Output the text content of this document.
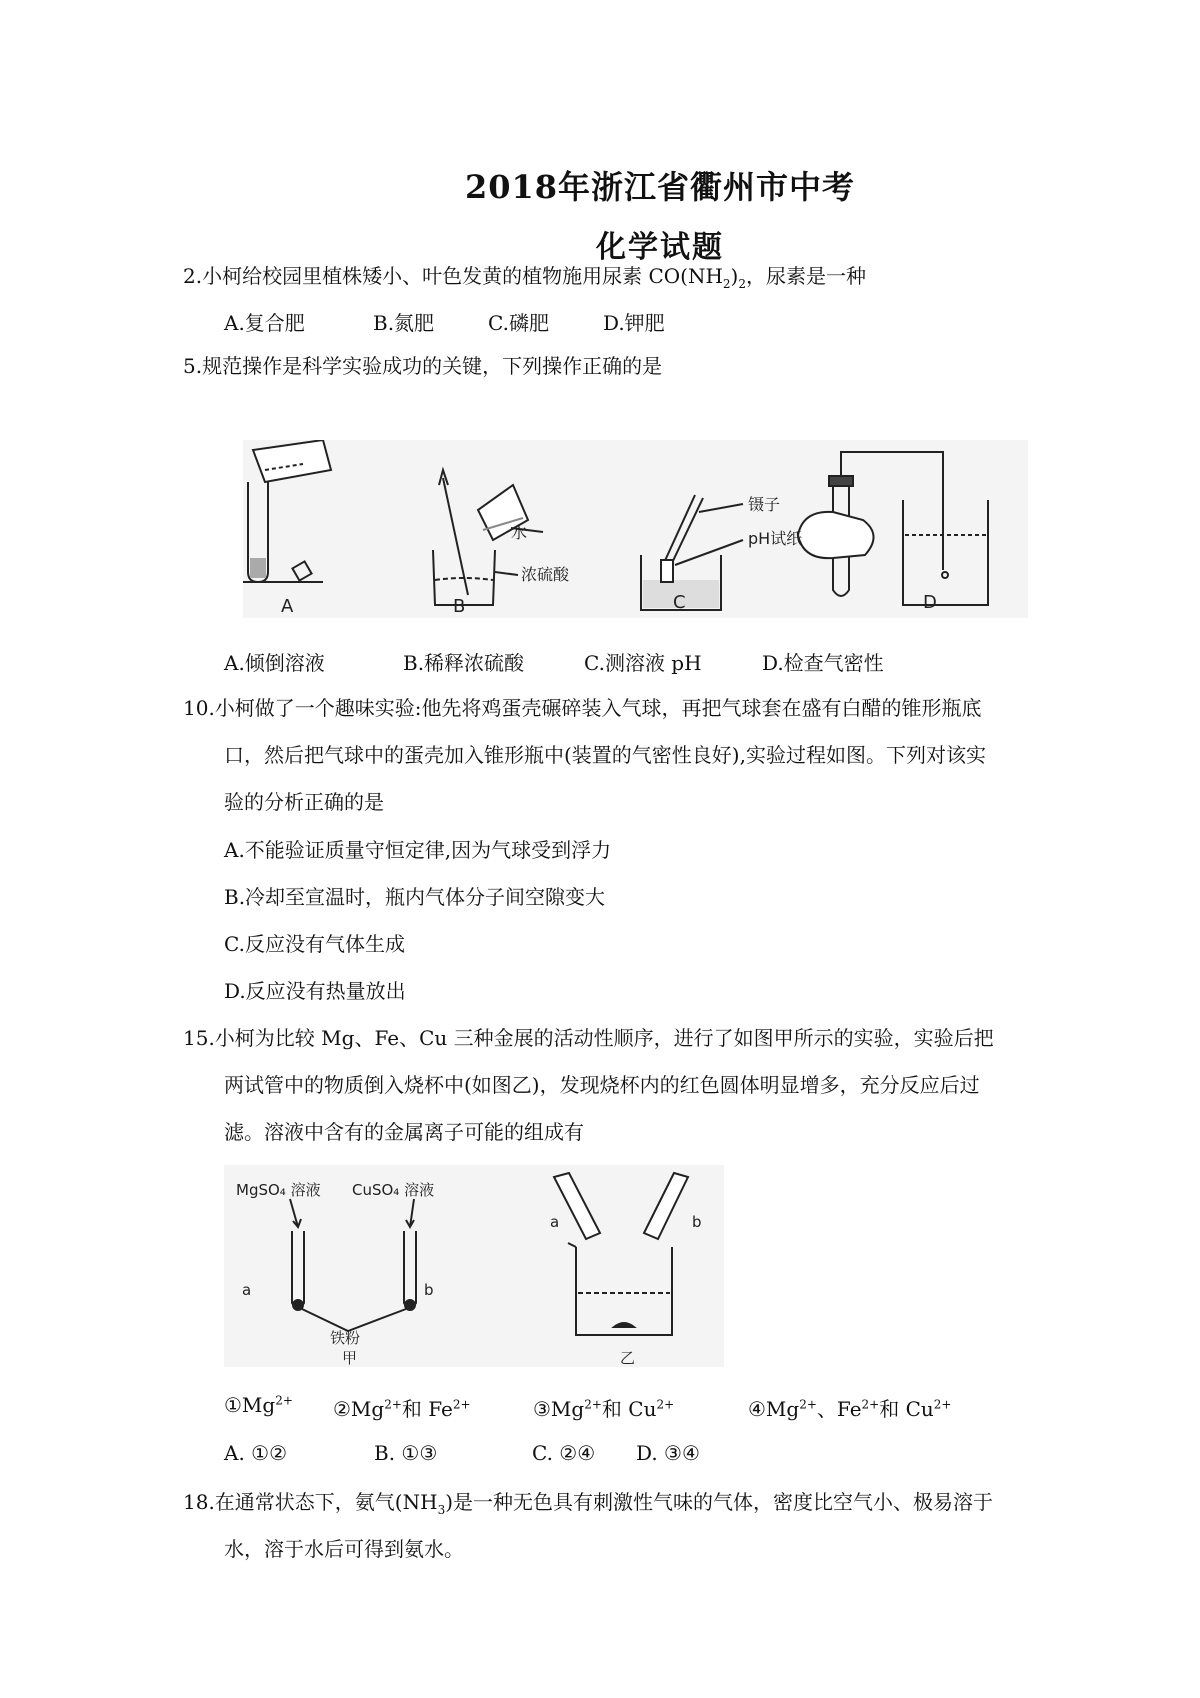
2018年浙江省衢州市中考
化学试题
2.小柯给校园里植株矮小、叶色发黄的植物施用尿素 $CO(NH_2)_2$，尿素是一种
A.复合肥	B.氮肥	C.磷肥	D.钾肥
5.规范操作是科学实验成功的关键，下列操作正确的是
水
浓硫酸
镊子
pH试纸
A	B	C	D
A.倾倒溶液	B.稀释浓硫酸	C.测溶液 pH	D.检查气密性
10.小柯做了一个趣味实验:他先将鸡蛋壳碾碎装入气球，再把气球套在盛有白醋的锥形瓶底
口，然后把气球中的蛋壳加入锥形瓶中(装置的气密性良好),实验过程如图。下列对该实
验的分析正确的是
A.不能验证质量守恒定律,因为气球受到浮力
B.冷却至宣温时，瓶内气体分子间空隙变大
C.反应没有气体生成
D.反应没有热量放出
15.小柯为比较 Mg、Fe、Cu 三种金展的活动性顺序，进行了如图甲所示的实验，实验后把
两试管中的物质倒入烧杯中(如图乙)，发现烧杯内的红色圆体明显增多，充分反应后过
滤。溶液中含有的金属离子可能的组成有
MgSO₄ 溶液 CuSO₄ 溶液
a	b
铁粉
甲
a	b
乙
$①Mg^{2+}$ $②Mg^{2+}$和 $Fe^{2+}$	$③Mg^{2+}$和 $Cu^{2+}$	$④Mg^{2+}$、$Fe^{2+}$和 $Cu^{2+}$
A. ①②	B. ①③	C. ②④ D. ③④
18.在通常状态下，氨气$(NH_3)$是一种无色具有刺激性气味的气体，密度比空气小、极易溶于
水，溶于水后可得到氨水。
